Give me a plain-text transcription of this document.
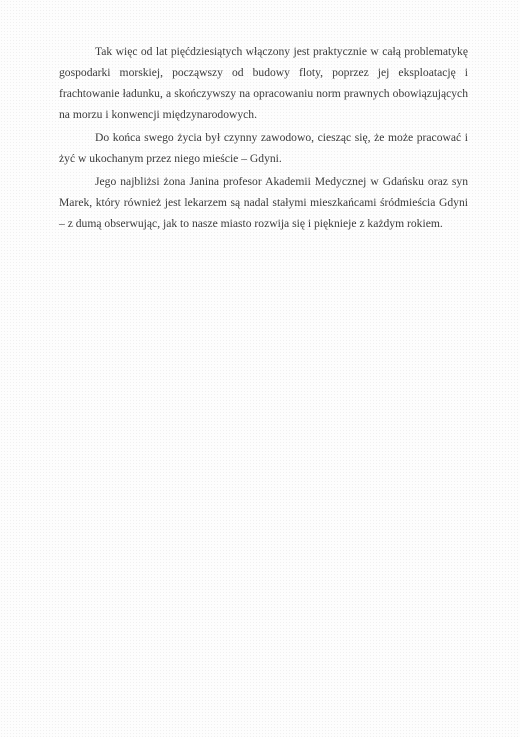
Tak więc od lat pięćdziesiątych włączony jest praktycznie w całą problematykę gospodarki morskiej, począwszy od budowy floty, poprzez jej eksploatację i frachtowanie ładunku, a skończywszy na opracowaniu norm prawnych obowiązujących na morzu i konwencji międzynarodowych.

Do końca swego życia był czynny zawodowo, ciesząc się, że może pracować i żyć w ukochanym przez niego mieście – Gdyni.

Jego najbliżsi żona Janina profesor Akademii Medycznej w Gdańsku oraz syn Marek, który również jest lekarzem są nadal stałymi mieszkańcami śródmieścia Gdyni – z dumą obserwując, jak to nasze miasto rozwija się i pięknieje z każdym rokiem.
